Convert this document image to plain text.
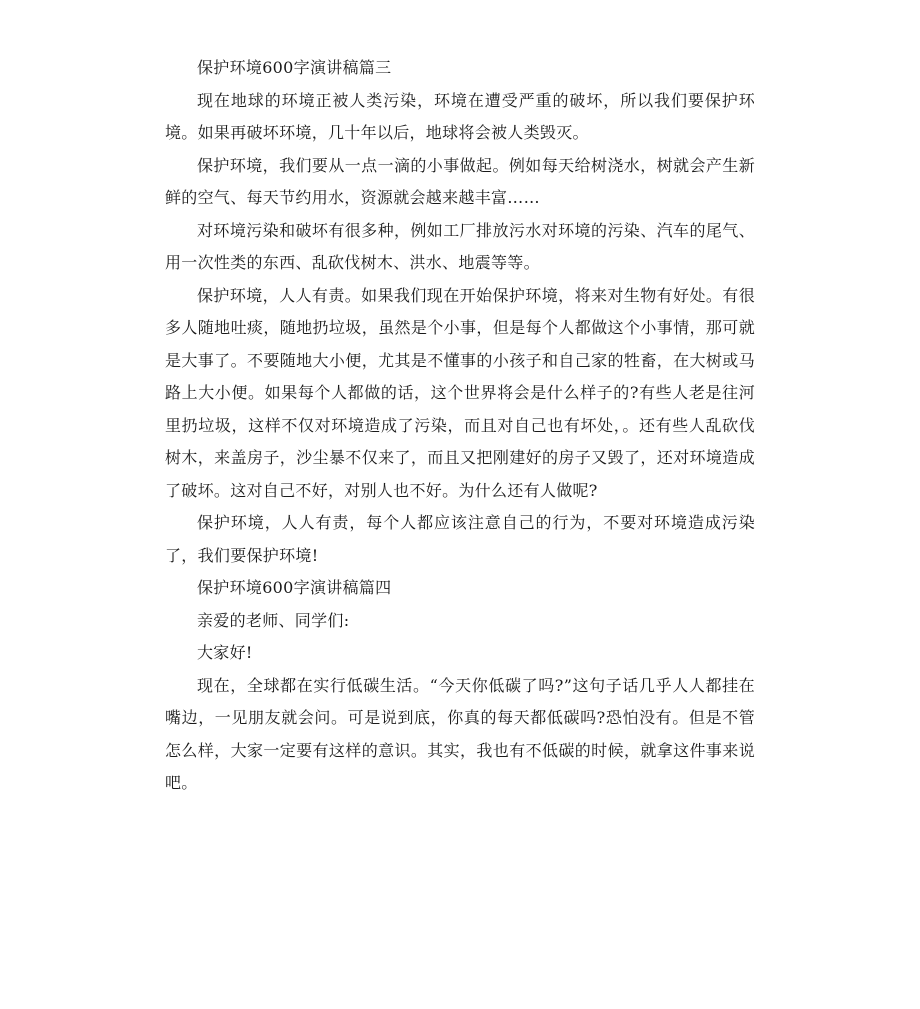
保护环境600字演讲稿篇三

现在地球的环境正被人类污染，环境在遭受严重的破坏，所以我们要保护环境。如果再破坏环境，几十年以后，地球将会被人类毁灭。

保护环境，我们要从一点一滴的小事做起。例如每天给树浇水，树就会产生新鲜的空气、每天节约用水，资源就会越来越丰富……

对环境污染和破坏有很多种，例如工厂排放污水对环境的污染、汽车的尾气、用一次性类的东西、乱砍伐树木、洪水、地震等等。

保护环境，人人有责。如果我们现在开始保护环境，将来对生物有好处。有很多人随地吐痰，随地扔垃圾，虽然是个小事，但是每个人都做这个小事情，那可就是大事了。不要随地大小便，尤其是不懂事的小孩子和自己家的牲畜，在大树或马路上大小便。如果每个人都做的话，这个世界将会是什么样子的?有些人老是往河里扔垃圾，这样不仅对环境造成了污染，而且对自己也有坏处，。还有些人乱砍伐树木，来盖房子，沙尘暴不仅来了，而且又把刚建好的房子又毁了，还对环境造成了破坏。这对自己不好，对别人也不好。为什么还有人做呢?

保护环境，人人有责，每个人都应该注意自己的行为，不要对环境造成污染了，我们要保护环境!

保护环境600字演讲稿篇四

亲爱的老师、同学们:

大家好!

现在，全球都在实行低碳生活。“今天你低碳了吗?”这句子话几乎人人都挂在嘴边，一见朋友就会问。可是说到底，你真的每天都低碳吗?恐怕没有。但是不管怎么样，大家一定要有这样的意识。其实，我也有不低碳的时候，就拿这件事来说吧。
